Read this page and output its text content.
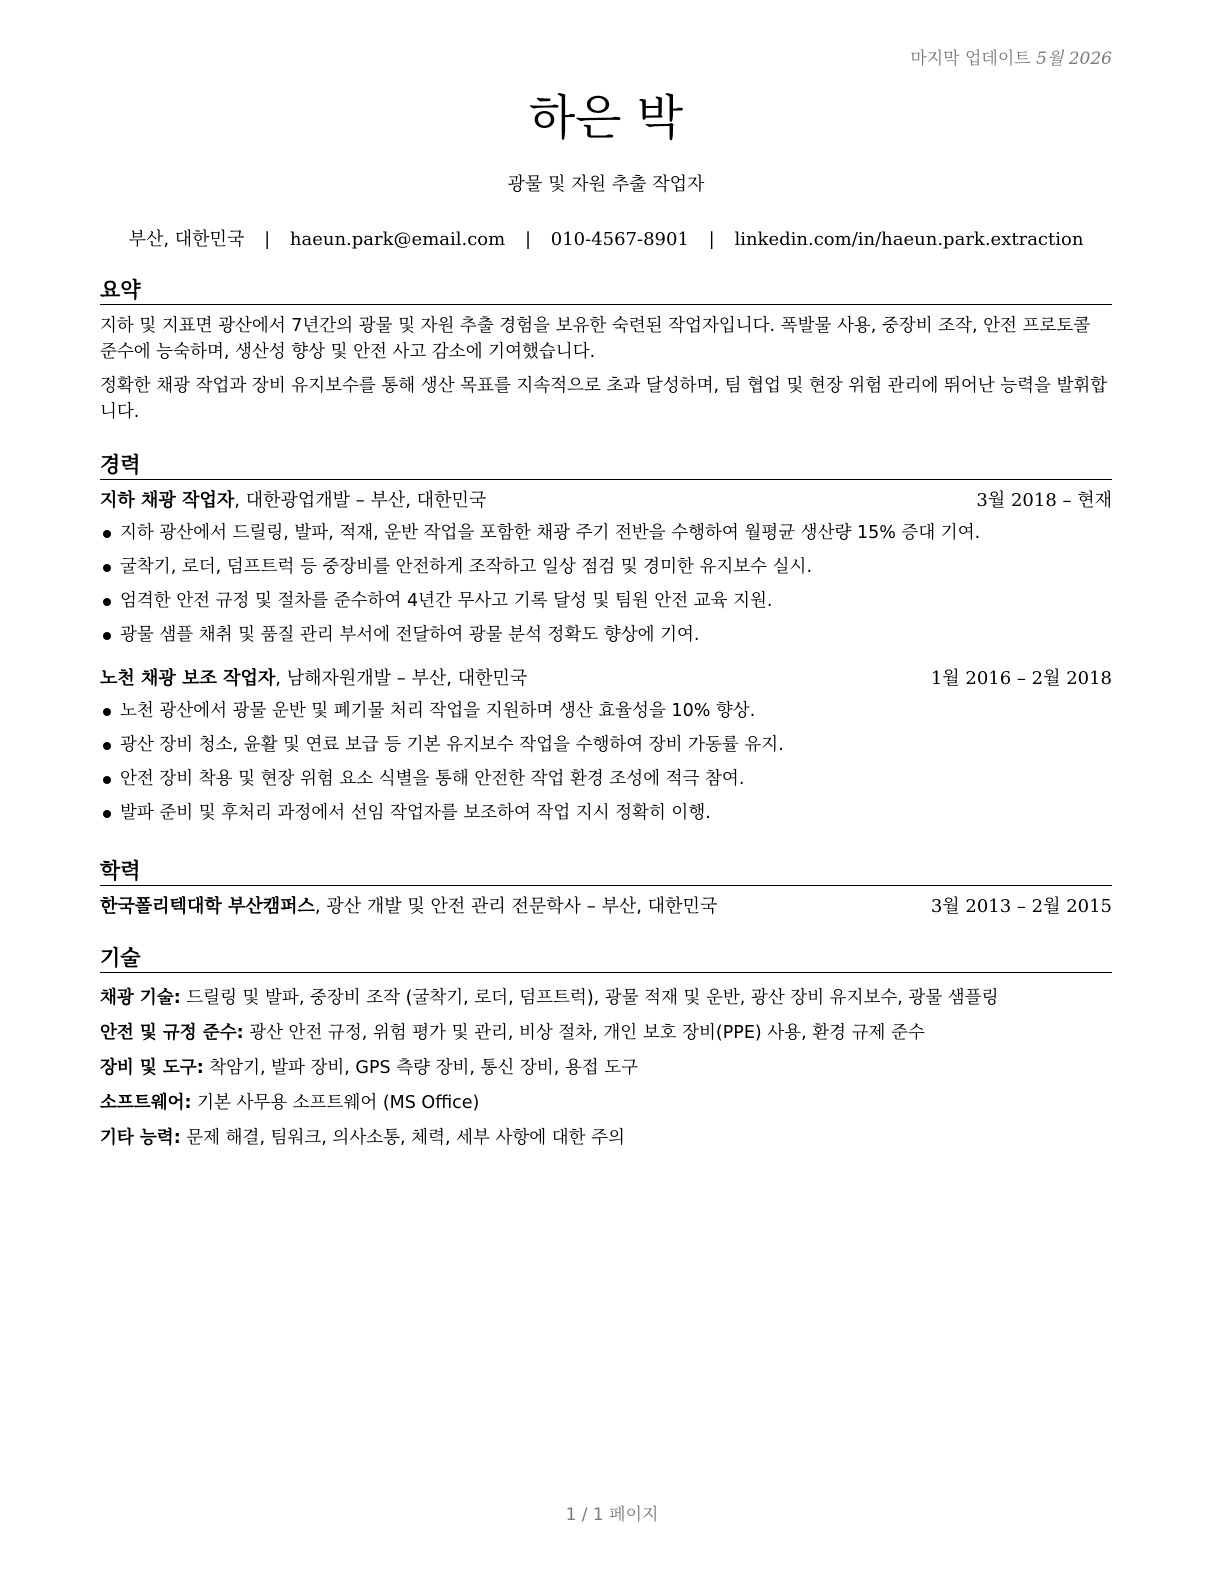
마지막 업데이트 5월 2026
하은 박
광물 및 자원 추출 작업자
부산, 대한민국 | haeun.park@email.com | 010-4567-8901 | linkedin.com/in/haeun.park.extraction
요약

지하 및 지표면 광산에서 7년간의 광물 및 자원 추출 경험을 보유한 숙련된 작업자입니다. 폭발물 사용, 중장비 조작, 안전 프로토콜 준수에 능숙하며, 생산성 향상 및 안전 사고 감소에 기여했습니다.

정확한 채광 작업과 장비 유지보수를 통해 생산 목표를 지속적으로 초과 달성하며, 팀 협업 및 현장 위험 관리에 뛰어난 능력을 발휘합니다.

경력
지하 채광 작업자, 대한광업개발 – 부산, 대한민국	3월 2018 – 현재
지하 광산에서 드릴링, 발파, 적재, 운반 작업을 포함한 채광 주기 전반을 수행하여 월평균 생산량 15% 증대 기여.
굴착기, 로더, 덤프트럭 등 중장비를 안전하게 조작하고 일상 점검 및 경미한 유지보수 실시.
엄격한 안전 규정 및 절차를 준수하여 4년간 무사고 기록 달성 및 팀원 안전 교육 지원.
광물 샘플 채취 및 품질 관리 부서에 전달하여 광물 분석 정확도 향상에 기여.
노천 채광 보조 작업자, 남해자원개발 – 부산, 대한민국	1월 2016 – 2월 2018
노천 광산에서 광물 운반 및 폐기물 처리 작업을 지원하며 생산 효율성을 10% 향상.
광산 장비 청소, 윤활 및 연료 보급 등 기본 유지보수 작업을 수행하여 장비 가동률 유지.
안전 장비 착용 및 현장 위험 요소 식별을 통해 안전한 작업 환경 조성에 적극 참여.
발파 준비 및 후처리 과정에서 선임 작업자를 보조하여 작업 지시 정확히 이행.
학력
한국폴리텍대학 부산캠퍼스, 광산 개발 및 안전 관리 전문학사 – 부산, 대한민국	3월 2013 – 2월 2015
기술
채광 기술: 드릴링 및 발파, 중장비 조작 (굴착기, 로더, 덤프트럭), 광물 적재 및 운반, 광산 장비 유지보수, 광물 샘플링
안전 및 규정 준수: 광산 안전 규정, 위험 평가 및 관리, 비상 절차, 개인 보호 장비(PPE) 사용, 환경 규제 준수
장비 및 도구: 착암기, 발파 장비, GPS 측량 장비, 통신 장비, 용접 도구
소프트웨어: 기본 사무용 소프트웨어 (MS Office)
기타 능력: 문제 해결, 팀워크, 의사소통, 체력, 세부 사항에 대한 주의
1 / 1 페이지
